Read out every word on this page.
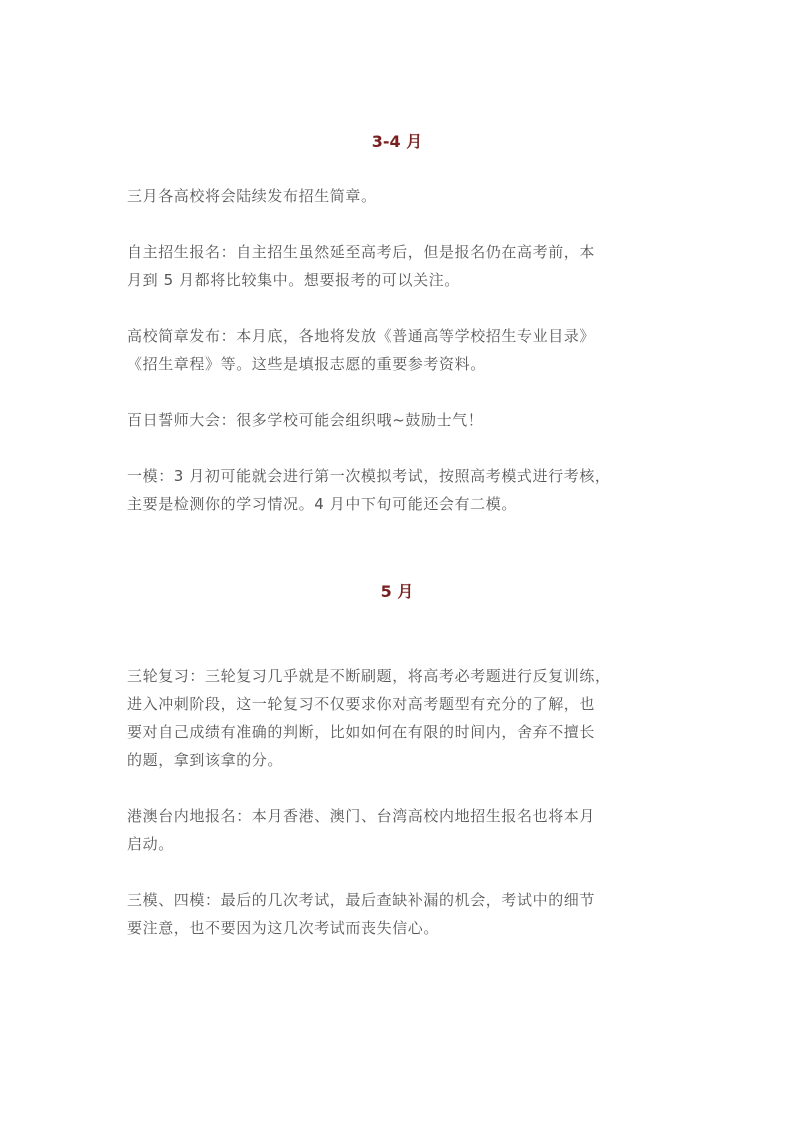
3-4 月
三月各高校将会陆续发布招生简章。
自主招生报名：自主招生虽然延至高考后，但是报名仍在高考前，本
月到 5 月都将比较集中。想要报考的可以关注。
高校简章发布：本月底，各地将发放《普通高等学校招生专业目录》
《招生章程》等。这些是填报志愿的重要参考资料。
百日誓师大会：很多学校可能会组织哦~鼓励士气！
一模：3 月初可能就会进行第一次模拟考试，按照高考模式进行考核，
主要是检测你的学习情况。4 月中下旬可能还会有二模。
5 月
三轮复习：三轮复习几乎就是不断刷题，将高考必考题进行反复训练，
进入冲刺阶段，这一轮复习不仅要求你对高考题型有充分的了解，也
要对自己成绩有准确的判断，比如如何在有限的时间内，舍弃不擅长
的题，拿到该拿的分。
港澳台内地报名：本月香港、澳门、台湾高校内地招生报名也将本月
启动。
三模、四模：最后的几次考试，最后查缺补漏的机会，考试中的细节
要注意，也不要因为这几次考试而丧失信心。
